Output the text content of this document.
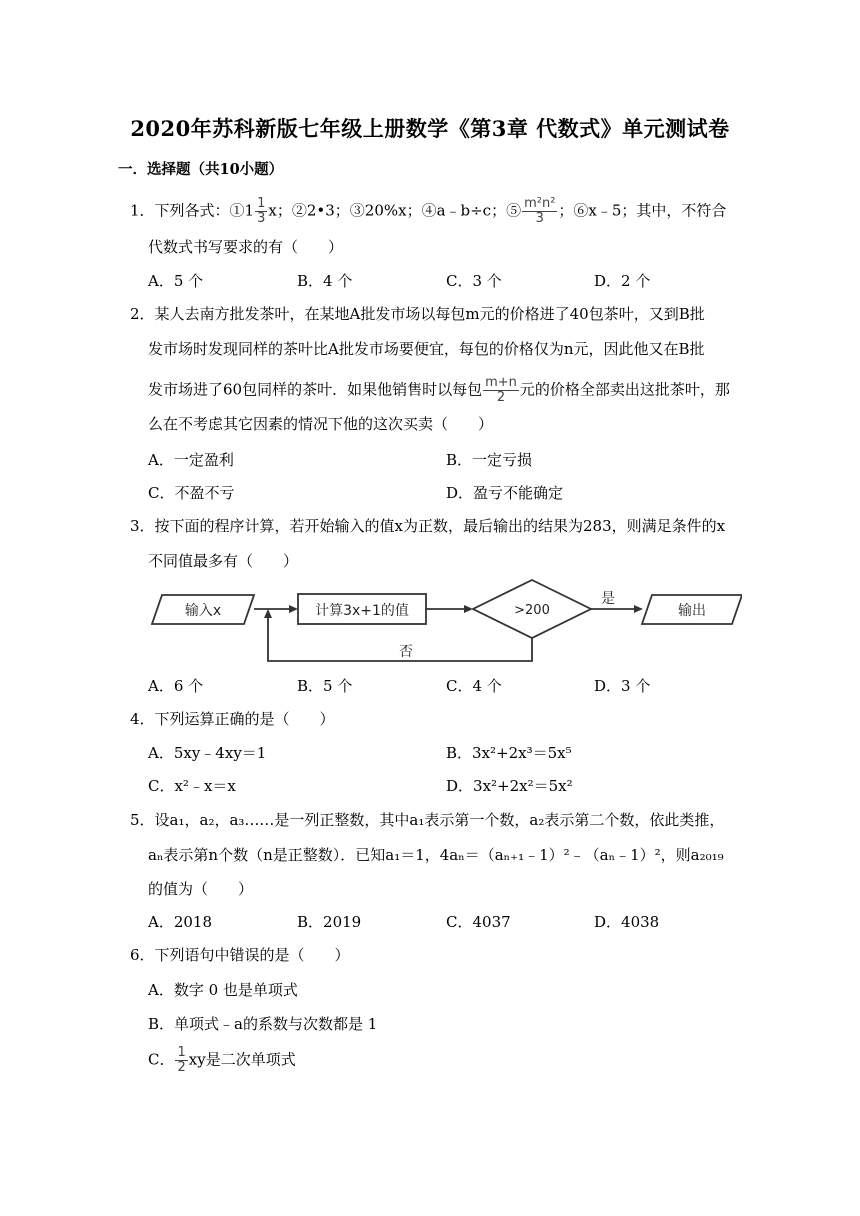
2020年苏科新版七年级上册数学《第3章 代数式》单元测试卷
一．选择题（共10小题）
1．下列各式：①1 $\frac{1}{3}$ x；②2•3；③20%x；④a﹣b÷c；⑤ $\frac{\text{m²n²}}{3}$ ；⑥x﹣5；其中，不符合
代数式书写要求的有（　　）
A．5 个	B．4 个	C．3 个	D．2 个
2．某人去南方批发茶叶，在某地A批发市场以每包m元的价格进了40包茶叶，又到B批
发市场时发现同样的茶叶比A批发市场要便宜，每包的价格仅为n元，因此他又在B批
发市场进了60包同样的茶叶．如果他销售时以每包 $\frac{m+n}{2}$ 元的价格全部卖出这批茶叶，那
么在不考虑其它因素的情况下他的这次买卖（　　）
A．一定盈利	B．一定亏损
C．不盈不亏	D．盈亏不能确定
3．按下面的程序计算，若开始输入的值x为正数，最后输出的结果为283，则满足条件的x
不同值最多有（　　）
输入x	计算3x+1的值	>200
是
输出
否
A．6 个	B．5 个	C．4 个	D．3 个
4．下列运算正确的是（　　）
A．5xy﹣4xy＝1	B．3x²+2x³＝5x⁵
C．x²﹣x＝x	D．3x²+2x²＝5x²
5．设a₁，a₂，a₃……是一列正整数，其中a₁表示第一个数，a₂表示第二个数，依此类推，
aₙ表示第n个数（n是正整数）．已知a₁＝1，4aₙ＝（aₙ₊₁﹣1）²﹣（aₙ﹣1）²，则a₂₀₁₉
的值为（　　）
A．2018	B．2019	C．4037	D．4038
6．下列语句中错误的是（　　）
A．数字 0 也是单项式
B．单项式﹣a的系数与次数都是 1
C． $\frac{1}{2}$ xy是二次单项式
